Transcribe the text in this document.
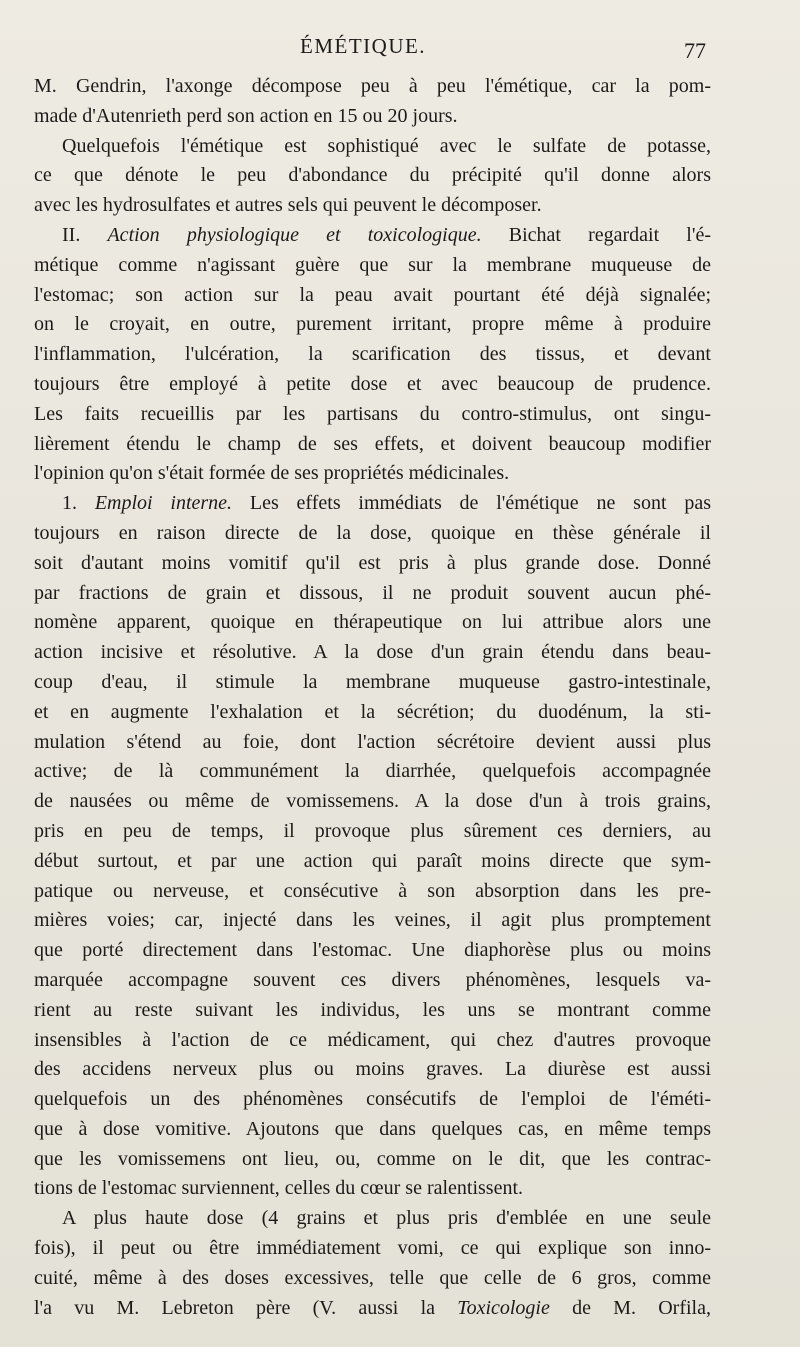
ÉMÉTIQUE.	77
M. Gendrin, l'axonge décompose peu à peu l'émétique, car la pom-
made d'Autenrieth perd son action en 15 ou 20 jours.
Quelquefois l'émétique est sophistiqué avec le sulfate de potasse,
ce que dénote le peu d'abondance du précipité qu'il donne alors
avec les hydrosulfates et autres sels qui peuvent le décomposer.
II. Action physiologique et toxicologique. Bichat regardait l'é-
métique comme n'agissant guère que sur la membrane muqueuse de
l'estomac; son action sur la peau avait pourtant été déjà signalée;
on le croyait, en outre, purement irritant, propre même à produire
l'inflammation, l'ulcération, la scarification des tissus, et devant
toujours être employé à petite dose et avec beaucoup de prudence.
Les faits recueillis par les partisans du contro-stimulus, ont singu-
lièrement étendu le champ de ses effets, et doivent beaucoup modifier
l'opinion qu'on s'était formée de ses propriétés médicinales.
1. Emploi interne. Les effets immédiats de l'émétique ne sont pas
toujours en raison directe de la dose, quoique en thèse générale il
soit d'autant moins vomitif qu'il est pris à plus grande dose. Donné
par fractions de grain et dissous, il ne produit souvent aucun phé-
nomène apparent, quoique en thérapeutique on lui attribue alors une
action incisive et résolutive. A la dose d'un grain étendu dans beau-
coup d'eau, il stimule la membrane muqueuse gastro-intestinale,
et en augmente l'exhalation et la sécrétion; du duodénum, la sti-
mulation s'étend au foie, dont l'action sécrétoire devient aussi plus
active; de là communément la diarrhée, quelquefois accompagnée
de nausées ou même de vomissemens. A la dose d'un à trois grains,
pris en peu de temps, il provoque plus sûrement ces derniers, au
début surtout, et par une action qui paraît moins directe que sym-
patique ou nerveuse, et consécutive à son absorption dans les pre-
mières voies; car, injecté dans les veines, il agit plus promptement
que porté directement dans l'estomac. Une diaphorèse plus ou moins
marquée accompagne souvent ces divers phénomènes, lesquels va-
rient au reste suivant les individus, les uns se montrant comme
insensibles à l'action de ce médicament, qui chez d'autres provoque
des accidens nerveux plus ou moins graves. La diurèse est aussi
quelquefois un des phénomènes consécutifs de l'emploi de l'éméti-
que à dose vomitive. Ajoutons que dans quelques cas, en même temps
que les vomissemens ont lieu, ou, comme on le dit, que les contrac-
tions de l'estomac surviennent, celles du cœur se ralentissent.
A plus haute dose (4 grains et plus pris d'emblée en une seule
fois), il peut ou être immédiatement vomi, ce qui explique son inno-
cuité, même à des doses excessives, telle que celle de 6 gros, comme
l'a vu M. Lebreton père (V. aussi la Toxicologie de M. Orfila,
